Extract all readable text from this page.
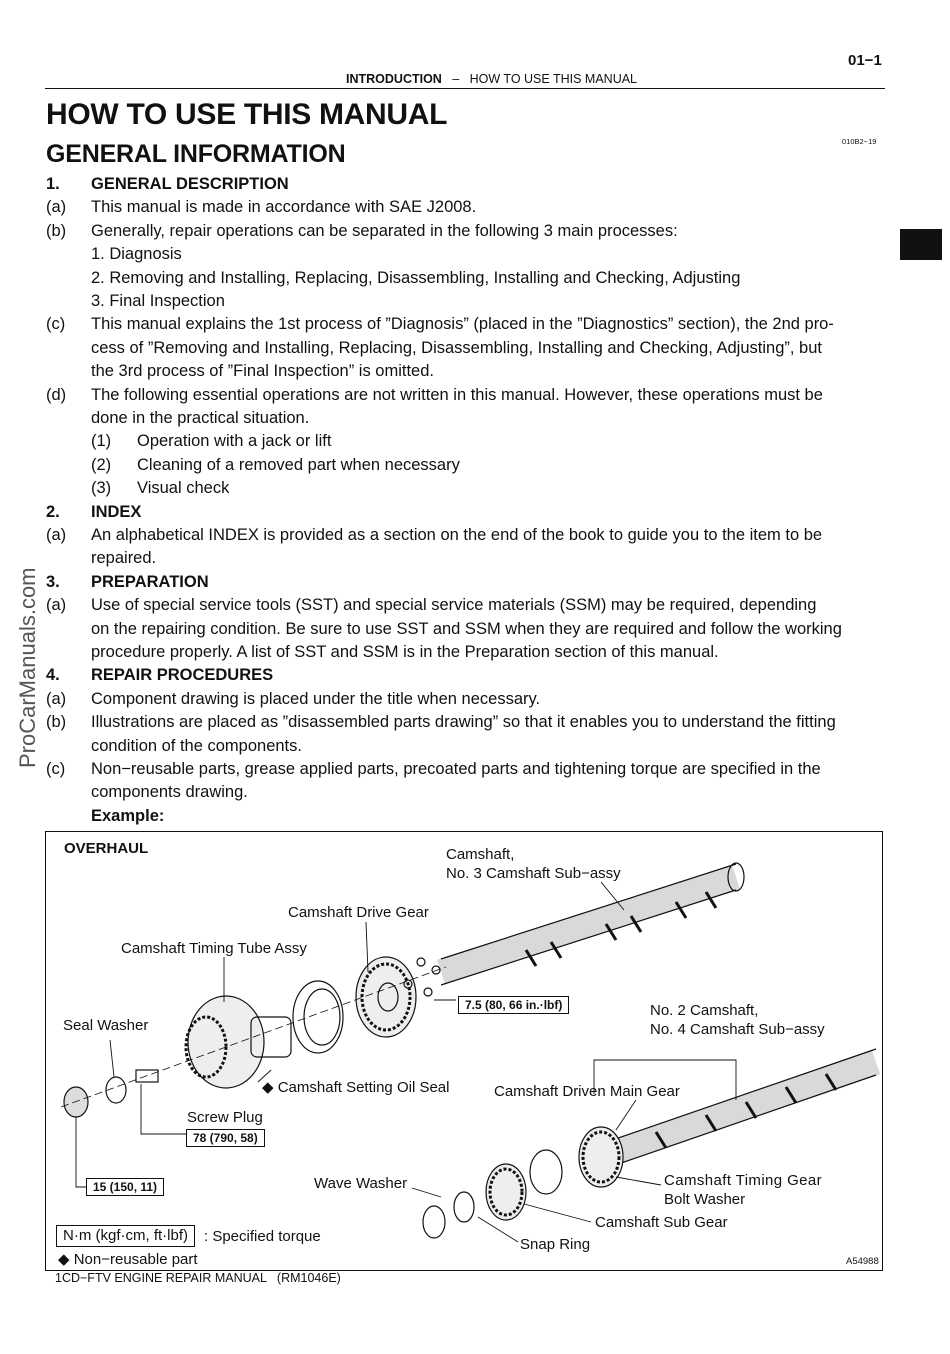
01−1
INTRODUCTION – HOW TO USE THIS MANUAL
HOW TO USE THIS MANUAL
GENERAL INFORMATION	010B2−19
ProCarManuals.com
1. GENERAL DESCRIPTION
(a) This manual is made in accordance with SAE J2008.
(b) Generally, repair operations can be separated in the following 3 main processes:
1. Diagnosis
2. Removing and Installing, Replacing, Disassembling, Installing and Checking, Adjusting
3. Final Inspection
(c) This manual explains the 1st process of ”Diagnosis” (placed in the ”Diagnostics” section), the 2nd pro-
cess of ”Removing and Installing, Replacing, Disassembling, Installing and Checking, Adjusting”, but
the 3rd process of ”Final Inspection” is omitted.
(d) The following essential operations are not written in this manual. However, these operations must be
done in the practical situation.
(1) Operation with a jack or lift
(2) Cleaning of a removed part when necessary
(3) Visual check
2. INDEX
(a) An alphabetical INDEX is provided as a section on the end of the book to guide you to the item to be
repaired.
3. PREPARATION
(a) Use of special service tools (SST) and special service materials (SSM) may be required, depending
on the repairing condition. Be sure to use SST and SSM when they are required and follow the working
procedure properly. A list of SST and SSM is in the Preparation section of this manual.
4. REPAIR PROCEDURES
(a) Component drawing is placed under the title when necessary.
(b) Illustrations are placed as ”disassembled parts drawing” so that it enables you to understand the fitting
condition of the components.
(c) Non−reusable parts, grease applied parts, precoated parts and tightening torque are specified in the
components drawing.
Example:
OVERHAUL	Camshaft,
No. 3 Camshaft Sub−assy
Camshaft Drive Gear
Camshaft Timing Tube Assy
Seal Washer
◆ Camshaft Setting Oil Seal
Screw Plug
No. 2 Camshaft,
No. 4 Camshaft Sub−assy
Camshaft Driven Main Gear
Wave Washer	Camshaft Timing Gear
Bolt Washer
Camshaft Sub Gear
Snap Ring
7.5 (80, 66 in.·lbf)
78 (790, 58)
15 (150, 11)
N·m (kgf·cm, ft·lbf)	: Specified torque
◆ Non−reusable part	A54988
1CD−FTV ENGINE REPAIR MANUAL (RM1046E)
